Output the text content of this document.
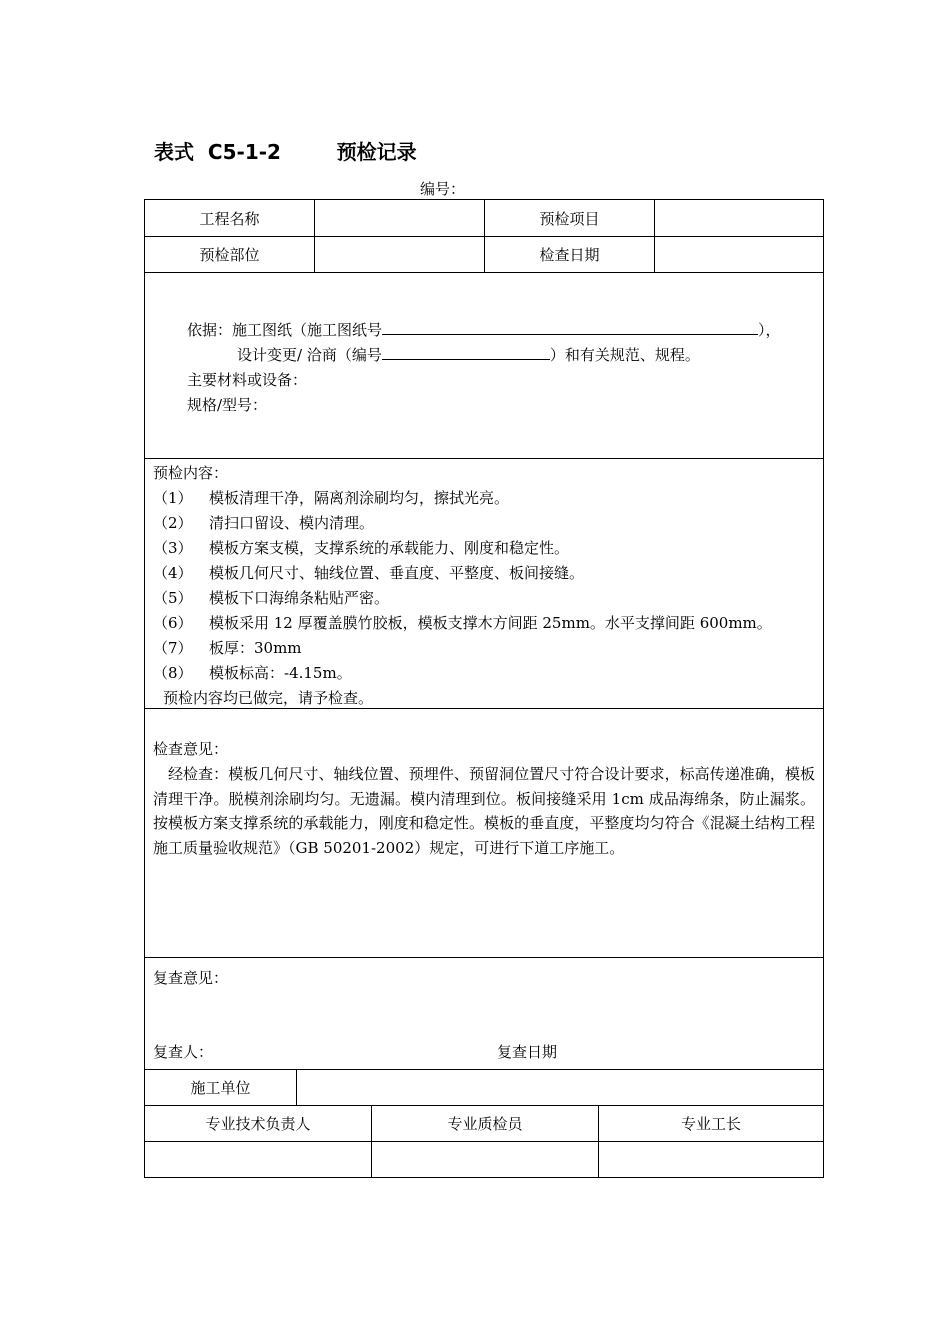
表式  C5-1-2        预检记录
编号：
工程名称	预检项目
预检部位	检查日期
依据：施工图纸（施工图纸号	），
设计变更/ 洽商（编号	）和有关规范、规程。
主要材料或设备：
规格/型号：
预检内容：
（1） 模板清理干净，隔离剂涂刷均匀，擦拭光亮。
（2） 清扫口留设、模内清理。
（3） 模板方案支模，支撑系统的承载能力、刚度和稳定性。
（4） 模板几何尺寸、轴线位置、垂直度、平整度、板间接缝。
（5） 模板下口海绵条粘贴严密。
（6） 模板采用 12 厚覆盖膜竹胶板，模板支撑木方间距 25mm。水平支撑间距 600mm。
（7） 板厚：30mm
（8） 模板标高：-4.15m。
预检内容均已做完，请予检查。
检查意见：
经检查：模板几何尺寸、轴线位置、预埋件、预留洞位置尺寸符合设计要求，标高传递准确，模板清理干净。脱模剂涂刷均匀。无遗漏。模内清理到位。板间接缝采用 1cm 成品海绵条，防止漏浆。按模板方案支撑系统的承载能力，刚度和稳定性。模板的垂直度，平整度均匀符合《混凝土结构工程施工质量验收规范》（GB 50201-2002）规定，可进行下道工序施工。
复查意见：
复查人：	复查日期
施工单位
专业技术负责人	专业质检员	专业工长
